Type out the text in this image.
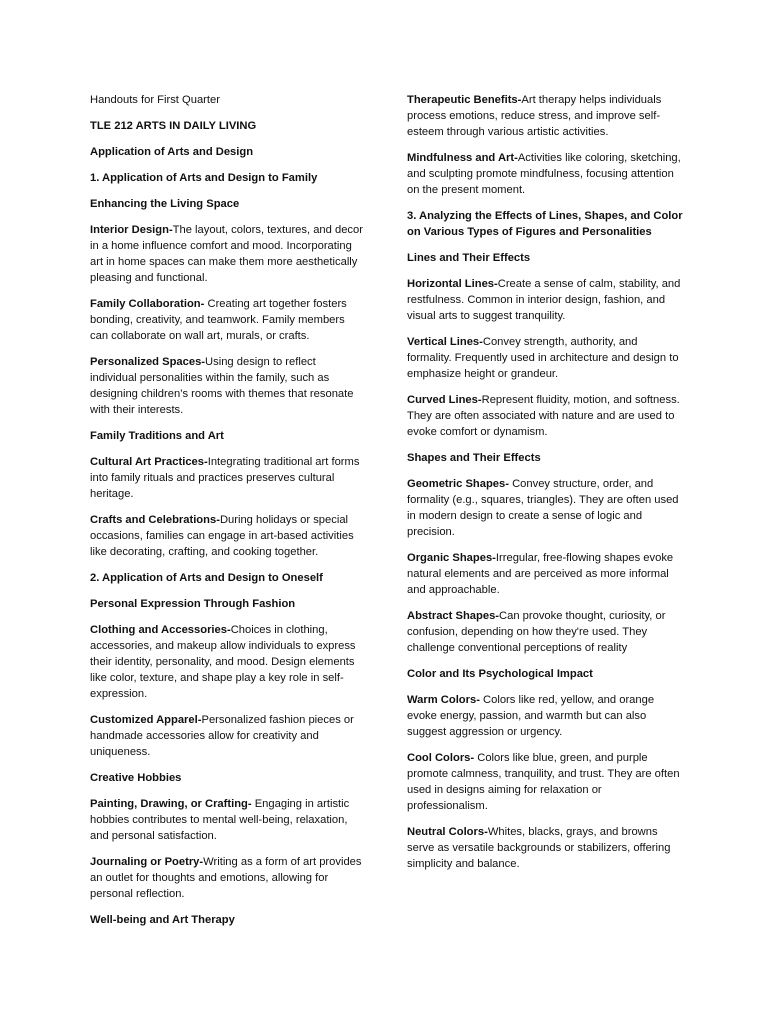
Handouts for First Quarter

TLE 212 ARTS IN DAILY LIVING

Application of Arts and Design

1. Application of Arts and Design to Family

Enhancing the Living Space

Interior Design-The layout, colors, textures, and decor in a home influence comfort and mood. Incorporating art in home spaces can make them more aesthetically pleasing and functional.

Family Collaboration- Creating art together fosters bonding, creativity, and teamwork. Family members can collaborate on wall art, murals, or crafts.

Personalized Spaces-Using design to reflect individual personalities within the family, such as designing children’s rooms with themes that resonate with their interests.

Family Traditions and Art

Cultural Art Practices-Integrating traditional art forms into family rituals and practices preserves cultural heritage.

Crafts and Celebrations-During holidays or special occasions, families can engage in art-based activities like decorating, crafting, and cooking together.

2. Application of Arts and Design to Oneself

Personal Expression Through Fashion

Clothing and Accessories-Choices in clothing, accessories, and makeup allow individuals to express their identity, personality, and mood. Design elements like color, texture, and shape play a key role in self-expression.

Customized Apparel-Personalized fashion pieces or handmade accessories allow for creativity and uniqueness.

Creative Hobbies

Painting, Drawing, or Crafting- Engaging in artistic hobbies contributes to mental well-being, relaxation, and personal satisfaction.

Journaling or Poetry-Writing as a form of art provides an outlet for thoughts and emotions, allowing for personal reflection.

Well-being and Art Therapy

Therapeutic Benefits-Art therapy helps individuals process emotions, reduce stress, and improve self-esteem through various artistic activities.

Mindfulness and Art-Activities like coloring, sketching, and sculpting promote mindfulness, focusing attention on the present moment.

3. Analyzing the Effects of Lines, Shapes, and Color on Various Types of Figures and Personalities

Lines and Their Effects

Horizontal Lines-Create a sense of calm, stability, and restfulness. Common in interior design, fashion, and visual arts to suggest tranquility.

Vertical Lines-Convey strength, authority, and formality. Frequently used in architecture and design to emphasize height or grandeur.

Curved Lines-Represent fluidity, motion, and softness. They are often associated with nature and are used to evoke comfort or dynamism.

Shapes and Their Effects

Geometric Shapes- Convey structure, order, and formality (e.g., squares, triangles). They are often used in modern design to create a sense of logic and precision.

Organic Shapes-Irregular, free-flowing shapes evoke natural elements and are perceived as more informal and approachable.

Abstract Shapes-Can provoke thought, curiosity, or confusion, depending on how they're used. They challenge conventional perceptions of reality

Color and Its Psychological Impact

Warm Colors- Colors like red, yellow, and orange evoke energy, passion, and warmth but can also suggest aggression or urgency.

Cool Colors- Colors like blue, green, and purple promote calmness, tranquility, and trust. They are often used in designs aiming for relaxation or professionalism.

Neutral Colors-Whites, blacks, grays, and browns serve as versatile backgrounds or stabilizers, offering simplicity and balance.
